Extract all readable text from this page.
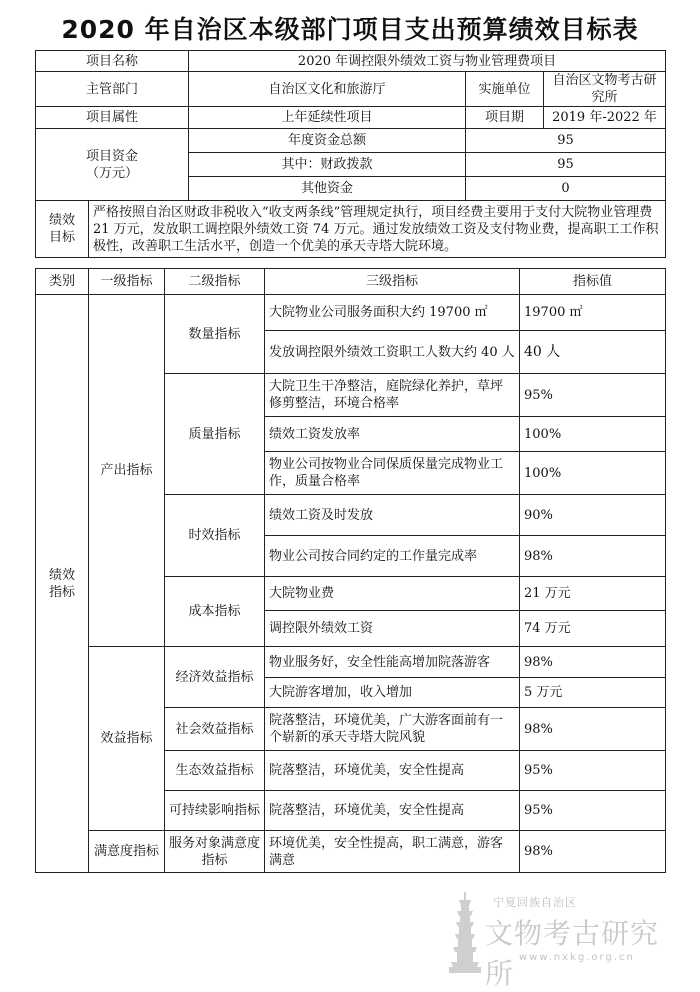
2020 年自治区本级部门项目支出预算绩效目标表
项目名称		2020 年调控限外绩效工资与物业管理费项目		
主管部门		自治区文化和旅游厅	实施单位	自治区文物考古研究所
项目属性		上年延续性项目	项目期	2019 年-2022 年

项目资金
（万元）		年度资金总额	95	
		其中：财政拨款	95	
		其他资金	0	

绩效
目标	严格按照自治区财政非税收入“收支两条线”管理规定执行，项目经费主要用于支付大院物业管理费 21 万元，发放职工调控限外绩效工资 74 万元。通过发放绩效工资及支付物业费，提高职工工作积极性，改善职工生活水平，创造一个优美的承天寺塔大院环境。			
类别	一级指标	二级指标	三级指标	指标值

绩效
指标	产出指标	数量指标	大院物业公司服务面积大约 19700 ㎡	19700 ㎡
			发放调控限外绩效工资职工人数大约 40 人	40 人
		质量指标	大院卫生干净整洁，庭院绿化养护，草坪修剪整洁，环境合格率	95%
			绩效工资发放率	100%
			物业公司按物业合同保质保量完成物业工作，质量合格率	100%
		时效指标	绩效工资及时发放	90%
			物业公司按合同约定的工作量完成率	98%
		成本指标	大院物业费	21 万元
			调控限外绩效工资	74 万元
	效益指标	经济效益指标	物业服务好，安全性能高增加院落游客	98%
			大院游客增加，收入增加	5 万元
		社会效益指标	院落整洁，环境优美，广大游客面前有一个崭新的承天寺塔大院风貌	98%
		生态效益指标	院落整洁，环境优美，安全性提高	95%
		可持续影响指标	院落整洁，环境优美，安全性提高	95%
	满意度指标	服务对象满意度指标	环境优美，安全性提高，职工满意，游客满意	98%
宁夏回族自治区
文物考古研究所 www.nxkg.org.cn
